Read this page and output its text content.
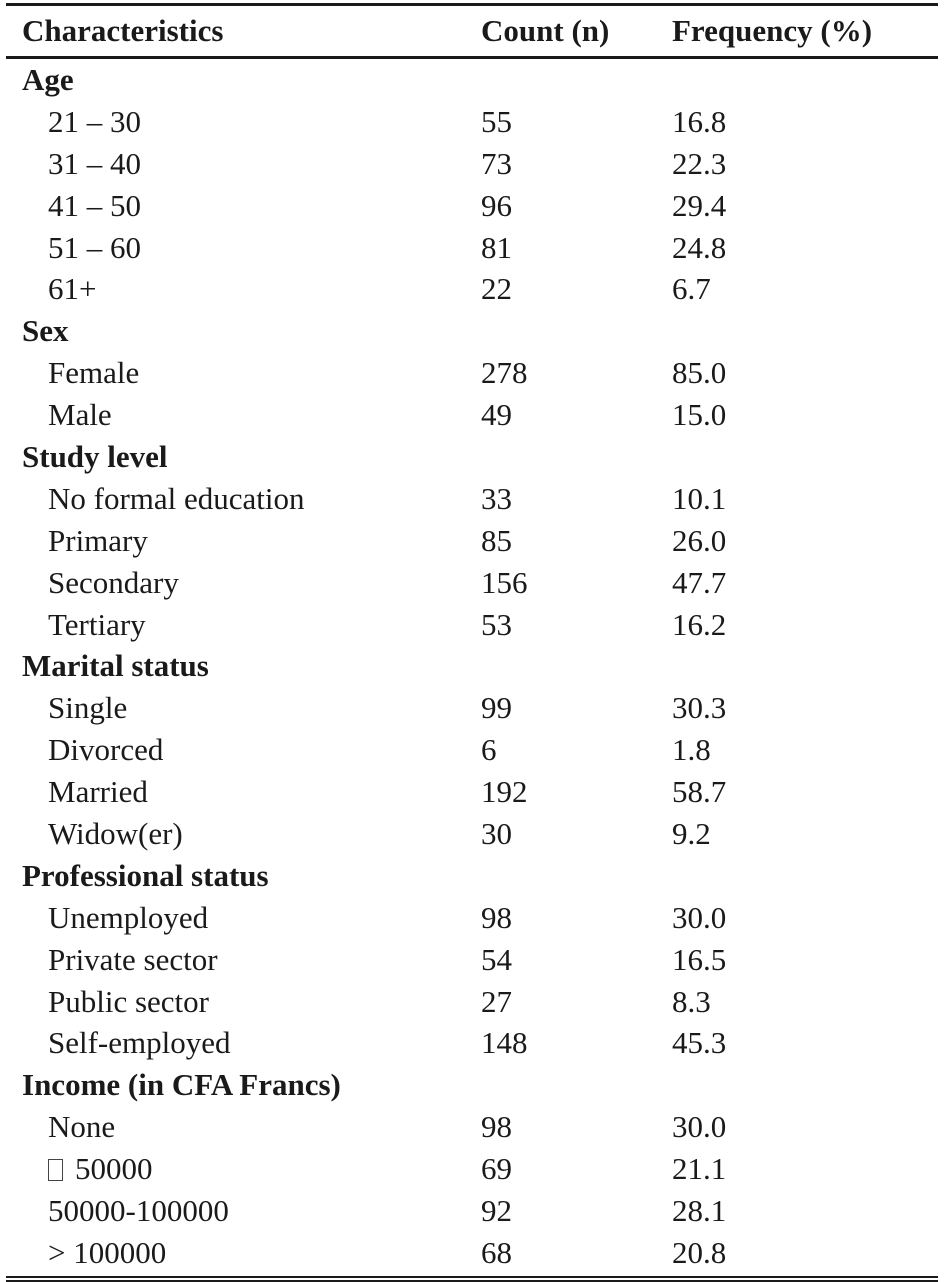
Characteristics	Count (n) Frequency (%)
Age
21 – 30	55	16.8
31 – 40	73	22.3
41 – 50	96	29.4
51 – 60	81	24.8
61+	22	6.7
Sex
Female	278	85.0
Male	49	15.0
Study level
No formal education	33	10.1
Primary	85	26.0
Secondary	156	47.7
Tertiary	53	16.2
Marital status
Single	99	30.3
Divorced	6	1.8
Married	192	58.7
Widow(er)	30	9.2
Professional status
Unemployed	98	30.0
Private sector	54	16.5
Public sector	27	8.3
Self-employed	148	45.3
Income (in CFA Francs)
None	98	30.0
50000	69	21.1
50000-100000	92	28.1
> 100000	68	20.8
